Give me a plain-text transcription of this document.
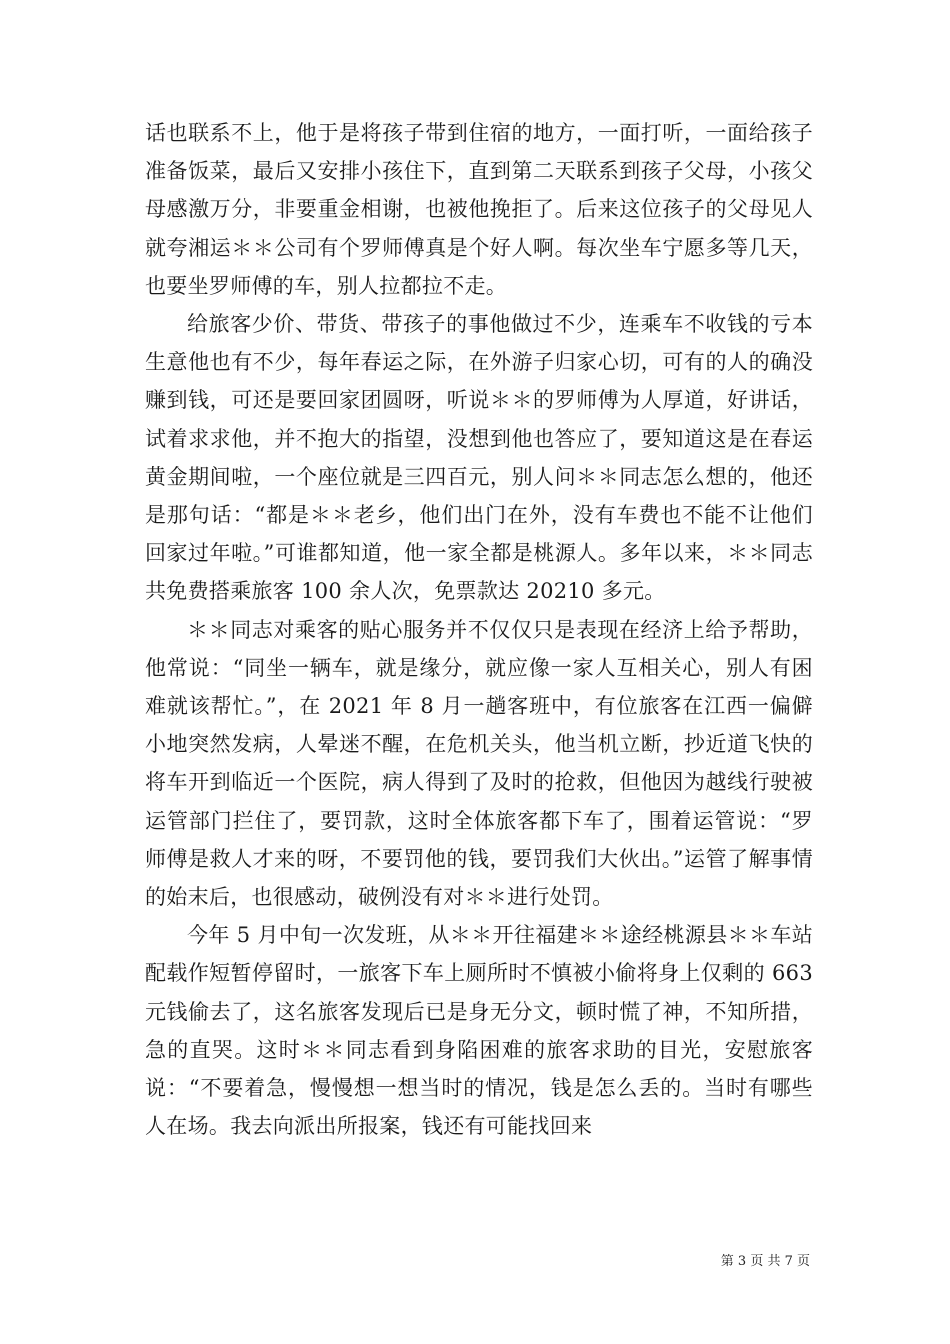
话也联系不上，他于是将孩子带到住宿的地方，一面打听，一面给孩子准备饭菜，最后又安排小孩住下，直到第二天联系到孩子父母，小孩父母感激万分，非要重金相谢，也被他挽拒了。后来这位孩子的父母见人就夸湘运＊＊公司有个罗师傅真是个好人啊。每次坐车宁愿多等几天，也要坐罗师傅的车，别人拉都拉不走。

给旅客少价、带货、带孩子的事他做过不少，连乘车不收钱的亏本生意他也有不少，每年春运之际，在外游子归家心切，可有的人的确没赚到钱，可还是要回家团圆呀，听说＊＊的罗师傅为人厚道，好讲话，试着求求他，并不抱大的指望，没想到他也答应了，要知道这是在春运黄金期间啦，一个座位就是三四百元，别人问＊＊同志怎么想的，他还是那句话：“都是＊＊老乡，他们出门在外，没有车费也不能不让他们回家过年啦。”可谁都知道，他一家全都是桃源人。多年以来，＊＊同志共免费搭乘旅客 100 余人次，免票款达 20210 多元。

＊＊同志对乘客的贴心服务并不仅仅只是表现在经济上给予帮助，他常说：“同坐一辆车，就是缘分，就应像一家人互相关心，别人有困难就该帮忙。”，在 2021 年 8 月一趟客班中，有位旅客在江西一偏僻小地突然发病，人晕迷不醒，在危机关头，他当机立断，抄近道飞快的将车开到临近一个医院，病人得到了及时的抢救，但他因为越线行驶被运管部门拦住了，要罚款，这时全体旅客都下车了，围着运管说：“罗师傅是救人才来的呀，不要罚他的钱，要罚我们大伙出。”运管了解事情的始末后，也很感动，破例没有对＊＊进行处罚。

今年 5 月中旬一次发班，从＊＊开往福建＊＊途经桃源县＊＊车站配载作短暂停留时，一旅客下车上厕所时不慎被小偷将身上仅剩的 663 元钱偷去了，这名旅客发现后已是身无分文，顿时慌了神，不知所措，急的直哭。这时＊＊同志看到身陷困难的旅客求助的目光，安慰旅客说：“不要着急，慢慢想一想当时的情况，钱是怎么丢的。当时有哪些人在场。我去向派出所报案，钱还有可能找回来

第 3 页 共 7 页
